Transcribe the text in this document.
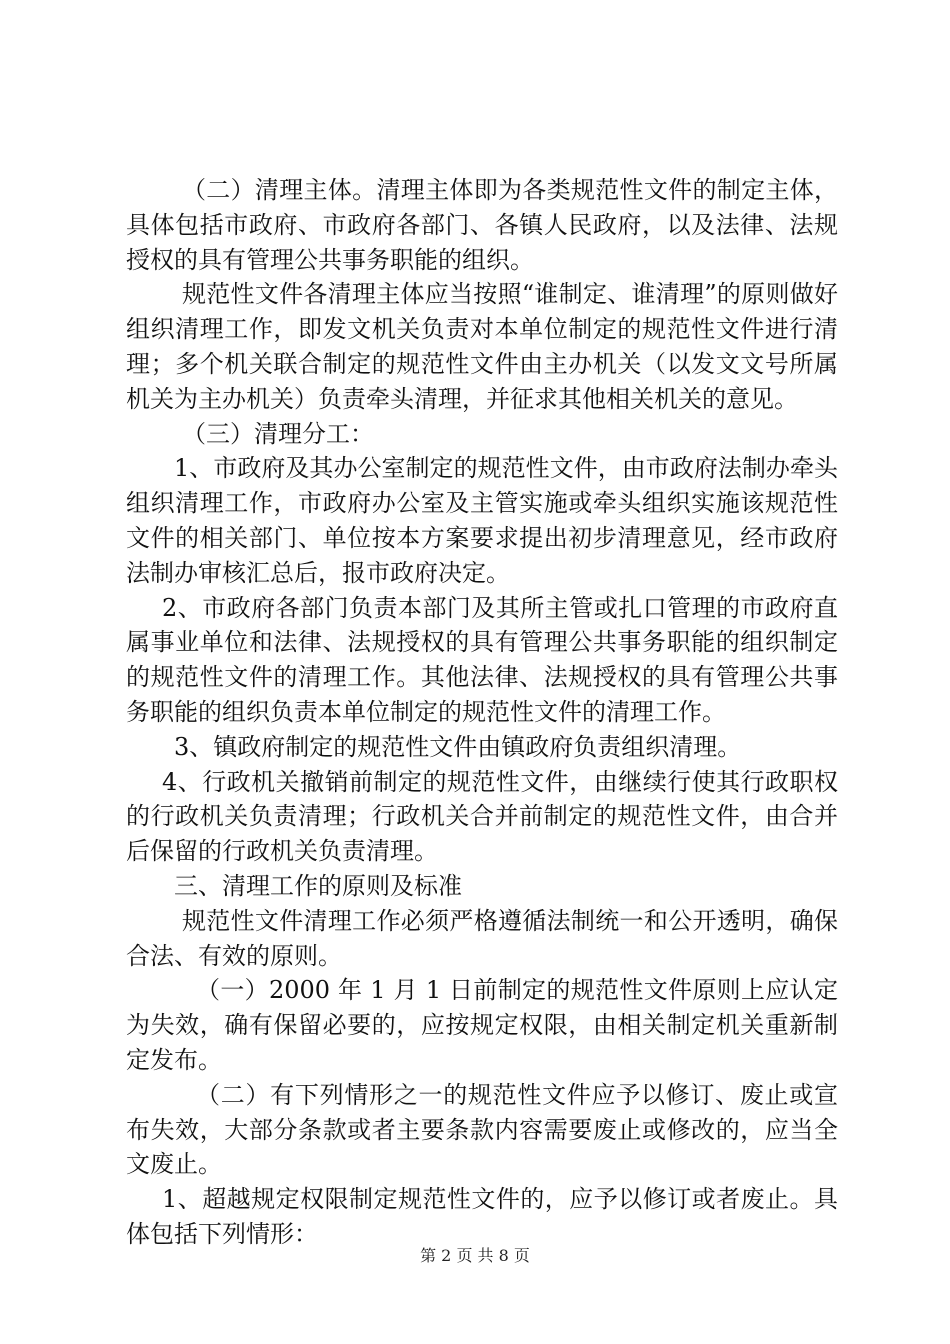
（二）清理主体。清理主体即为各类规范性文件的制定主体，具体包括市政府、市政府各部门、各镇人民政府，以及法律、法规授权的具有管理公共事务职能的组织。

规范性文件各清理主体应当按照“谁制定、谁清理”的原则做好组织清理工作，即发文机关负责对本单位制定的规范性文件进行清理；多个机关联合制定的规范性文件由主办机关（以发文文号所属机关为主办机关）负责牵头清理，并征求其他相关机关的意见。

（三）清理分工：

1、市政府及其办公室制定的规范性文件，由市政府法制办牵头组织清理工作，市政府办公室及主管实施或牵头组织实施该规范性文件的相关部门、单位按本方案要求提出初步清理意见，经市政府法制办审核汇总后，报市政府决定。

2、市政府各部门负责本部门及其所主管或扎口管理的市政府直属事业单位和法律、法规授权的具有管理公共事务职能的组织制定的规范性文件的清理工作。其他法律、法规授权的具有管理公共事务职能的组织负责本单位制定的规范性文件的清理工作。

3、镇政府制定的规范性文件由镇政府负责组织清理。

4、行政机关撤销前制定的规范性文件，由继续行使其行政职权的行政机关负责清理；行政机关合并前制定的规范性文件，由合并后保留的行政机关负责清理。

三、清理工作的原则及标准

规范性文件清理工作必须严格遵循法制统一和公开透明，确保合法、有效的原则。

（一）2000 年 1 月 1 日前制定的规范性文件原则上应认定为失效，确有保留必要的，应按规定权限，由相关制定机关重新制定发布。

（二）有下列情形之一的规范性文件应予以修订、废止或宣布失效，大部分条款或者主要条款内容需要废止或修改的，应当全文废止。

1、超越规定权限制定规范性文件的，应予以修订或者废止。具体包括下列情形：

第 2 页 共 8 页
